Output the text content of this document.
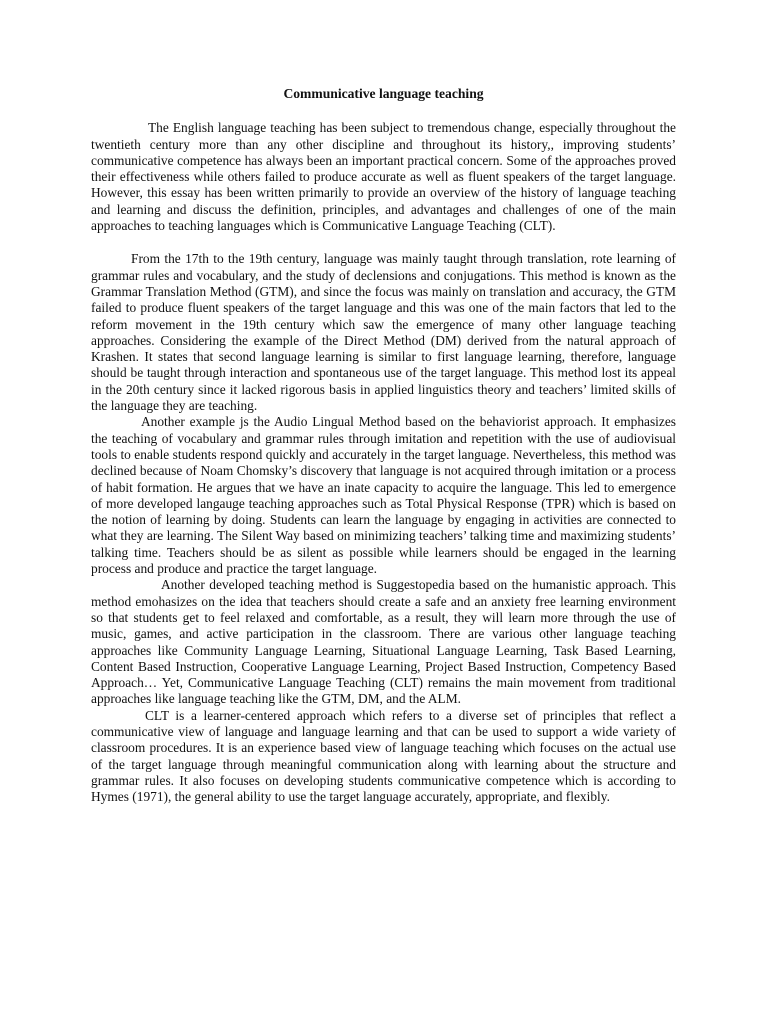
Communicative language teaching

The English language teaching has been subject to tremendous change, especially throughout the twentieth century more than any other discipline and throughout its history,, improving students’ communicative competence has always been an important practical concern. Some of the approaches proved their effectiveness while others failed to produce accurate as well as fluent speakers of the target language. However, this essay has been written primarily to provide an overview of the history of language teaching and learning and discuss the definition, principles, and advantages and challenges of one of the main approaches to teaching languages which is Communicative Language Teaching (CLT).

From the 17th to the 19th century, language was mainly taught through translation, rote learning of grammar rules and vocabulary, and the study of declensions and conjugations. This method is known as the Grammar Translation Method (GTM), and since the focus was mainly on translation and accuracy, the GTM failed to produce fluent speakers of the target language and this was one of the main factors that led to the reform movement in the 19th century which saw the emergence of many other language teaching approaches. Considering the example of the Direct Method (DM) derived from the natural approach of Krashen. It states that second language learning is similar to first language learning, therefore, language should be taught through interaction and spontaneous use of the target language. This method lost its appeal in the 20th century since it lacked rigorous basis in applied linguistics theory and teachers’ limited skills of the language they are teaching.

Another example js the Audio Lingual Method based on the behaviorist approach. It emphasizes the teaching of vocabulary and grammar rules through imitation and repetition with the use of audiovisual tools to enable students respond quickly and accurately in the target language. Nevertheless, this method was declined because of Noam Chomsky’s discovery that language is not acquired through imitation or a process of habit formation. He argues that we have an inate capacity to acquire the language. This led to emergence of more developed langauge teaching approaches such as Total Physical Response (TPR) which is based on the notion of learning by doing. Students can learn the language by engaging in activities are connected to what they are learning. The Silent Way based on minimizing teachers’ talking time and maximizing students’ talking time. Teachers should be as silent as possible while learners should be engaged in the learning process and produce and practice the target language.

Another developed teaching method is Suggestopedia based on the humanistic approach. This method emohasizes on the idea that teachers should create a safe and an anxiety free learning environment so that students get to feel relaxed and comfortable, as a result, they will learn more through the use of music, games, and active participation in the classroom. There are various other language teaching approaches like Community Language Learning, Situational Language Learning, Task Based Learning, Content Based Instruction, Cooperative Language Learning, Project Based Instruction, Competency Based Approach… Yet, Communicative Language Teaching (CLT) remains the main movement from traditional approaches like language teaching like the GTM, DM, and the ALM.

CLT is a learner-centered approach which refers to a diverse set of principles that reflect a communicative view of language and language learning and that can be used to support a wide variety of classroom procedures. It is an experience based view of language teaching which focuses on the actual use of the target language through meaningful communication along with learning about the structure and grammar rules. It also focuses on developing students communicative competence which is according to Hymes (1971), the general ability to use the target language accurately, appropriate, and flexibly.
